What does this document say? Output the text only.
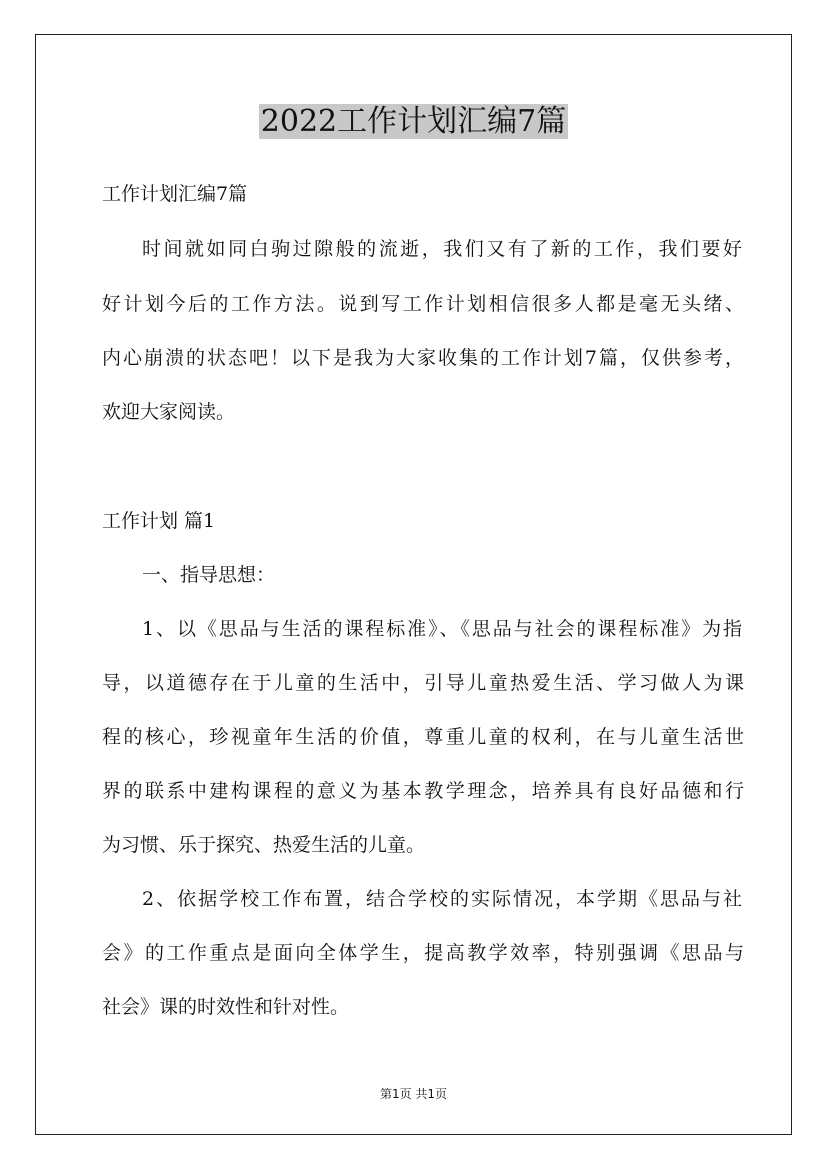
2022工作计划汇编7篇

工作计划汇编7篇

时间就如同白驹过隙般的流逝，我们又有了新的工作，我们要好

好计划今后的工作方法。说到写工作计划相信很多人都是毫无头绪、

内心崩溃的状态吧！以下是我为大家收集的工作计划7篇，仅供参考，

欢迎大家阅读。

工作计划 篇1

一、指导思想：

1、以《思品与生活的课程标准》、《思品与社会的课程标准》为指

导，以道德存在于儿童的生活中，引导儿童热爱生活、学习做人为课

程的核心，珍视童年生活的价值，尊重儿童的权利，在与儿童生活世

界的联系中建构课程的意义为基本教学理念，培养具有良好品德和行

为习惯、乐于探究、热爱生活的儿童。

2、依据学校工作布置，结合学校的实际情况，本学期《思品与社

会》的工作重点是面向全体学生，提高教学效率，特别强调《思品与

社会》课的时效性和针对性。

第1页 共1页
